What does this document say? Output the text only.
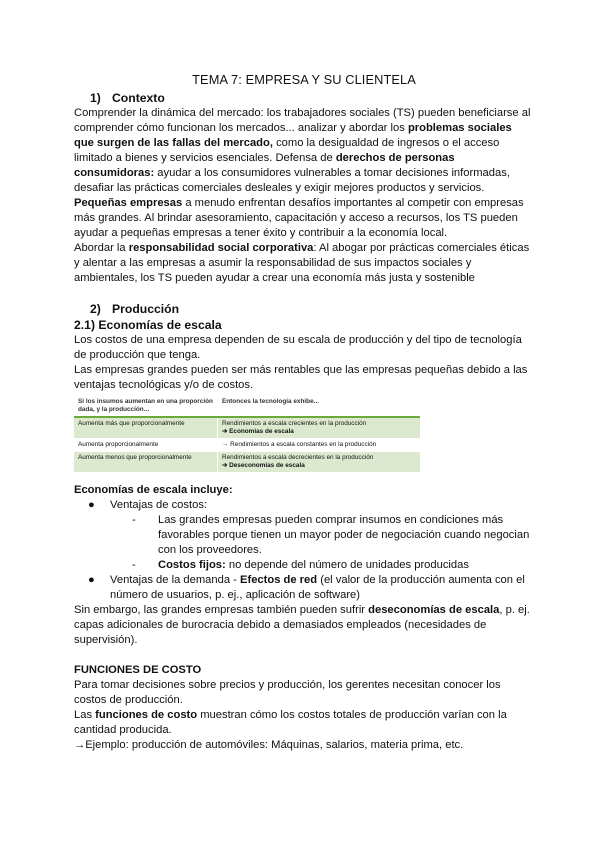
TEMA 7: EMPRESA Y SU CLIENTELA
1) Contexto

Comprender la dinámica del mercado: los trabajadores sociales (TS) pueden beneficiarse al comprender cómo funcionan los mercados... analizar y abordar los problemas sociales que surgen de las fallas del mercado, como la desigualdad de ingresos o el acceso limitado a bienes y servicios esenciales. Defensa de derechos de personas consumidoras: ayudar a los consumidores vulnerables a tomar decisiones informadas, desafiar las prácticas comerciales desleales y exigir mejores productos y servicios.

Pequeñas empresas a menudo enfrentan desafíos importantes al competir con empresas más grandes. Al brindar asesoramiento, capacitación y acceso a recursos, los TS pueden ayudar a pequeñas empresas a tener éxito y contribuir a la economía local.

Abordar la responsabilidad social corporativa: Al abogar por prácticas comerciales éticas y alentar a las empresas a asumir la responsabilidad de sus impactos sociales y ambientales, los TS pueden ayudar a crear una economía más justa y sostenible

2) Producción
2.1) Economías de escala

Los costos de una empresa dependen de su escala de producción y del tipo de tecnología de producción que tenga.

Las empresas grandes pueden ser más rentables que las empresas pequeñas debido a las ventajas tecnológicas y/o de costos.

Si los insumos aumentan en una proporción dada, y la producción...	Entonces la tecnología exhibe...
Aumenta más que proporcionalmente	Rendimientos a escala crecientes en la producción
➔ Economías de escala

Aumenta proporcionalmente	→ Rendimientos a escala constantes en la producción
Aumenta menos que proporcionalmente	Rendimientos a escala decrecientes en la producción
➔ Deseconomías de escala

Economías de escala incluye:

● Ventajas de costos:
- Las grandes empresas pueden comprar insumos en condiciones más favorables porque tienen un mayor poder de negociación cuando negocian con los proveedores.
- Costos fijos: no depende del número de unidades producidas
● Ventajas de la demanda - Efectos de red (el valor de la producción aumenta con el número de usuarios, p. ej., aplicación de software)

Sin embargo, las grandes empresas también pueden sufrir deseconomías de escala, p. ej. capas adicionales de burocracia debido a demasiados empleados (necesidades de supervisión).

FUNCIONES DE COSTO

Para tomar decisiones sobre precios y producción, los gerentes necesitan conocer los costos de producción.

Las funciones de costo muestran cómo los costos totales de producción varían con la cantidad producida.

→Ejemplo: producción de automóviles: Máquinas, salarios, materia prima, etc.
